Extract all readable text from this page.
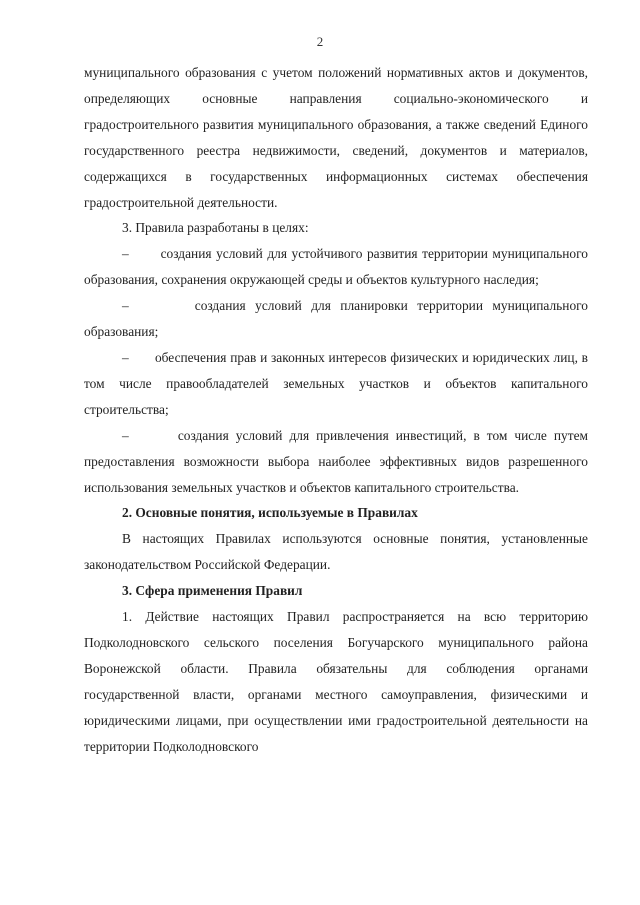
2

муниципального образования с учетом положений нормативных актов и документов, определяющих основные направления социально-экономического и градостроительного развития муниципального образования, а также сведений Единого государственного реестра недвижимости, сведений, документов и материалов, содержащихся в государственных информационных системах обеспечения градостроительной деятельности.

3. Правила разработаны в целях:

– создания условий для устойчивого развития территории муниципального образования, сохранения окружающей среды и объектов культурного наследия;

–	создания условий для планировки территории муниципального образования;

– обеспечения прав и законных интересов физических и юридических лиц, в том числе правообладателей земельных участков и объектов капитального строительства;

–	создания условий для привлечения инвестиций, в том числе путем предоставления возможности выбора наиболее эффективных видов разрешенного использования земельных участков и объектов капитального строительства.

2. Основные понятия, используемые в Правилах

В настоящих Правилах используются основные понятия, установленные законодательством Российской Федерации.

3. Сфера применения Правил

1. Действие настоящих Правил распространяется на всю территорию Подколодновского сельского поселения Богучарского муниципального района Воронежской области. Правила обязательны для соблюдения органами государственной власти, органами местного самоуправления, физическими и юридическими лицами, при осуществлении ими градостроительной деятельности на территории Подколодновского
